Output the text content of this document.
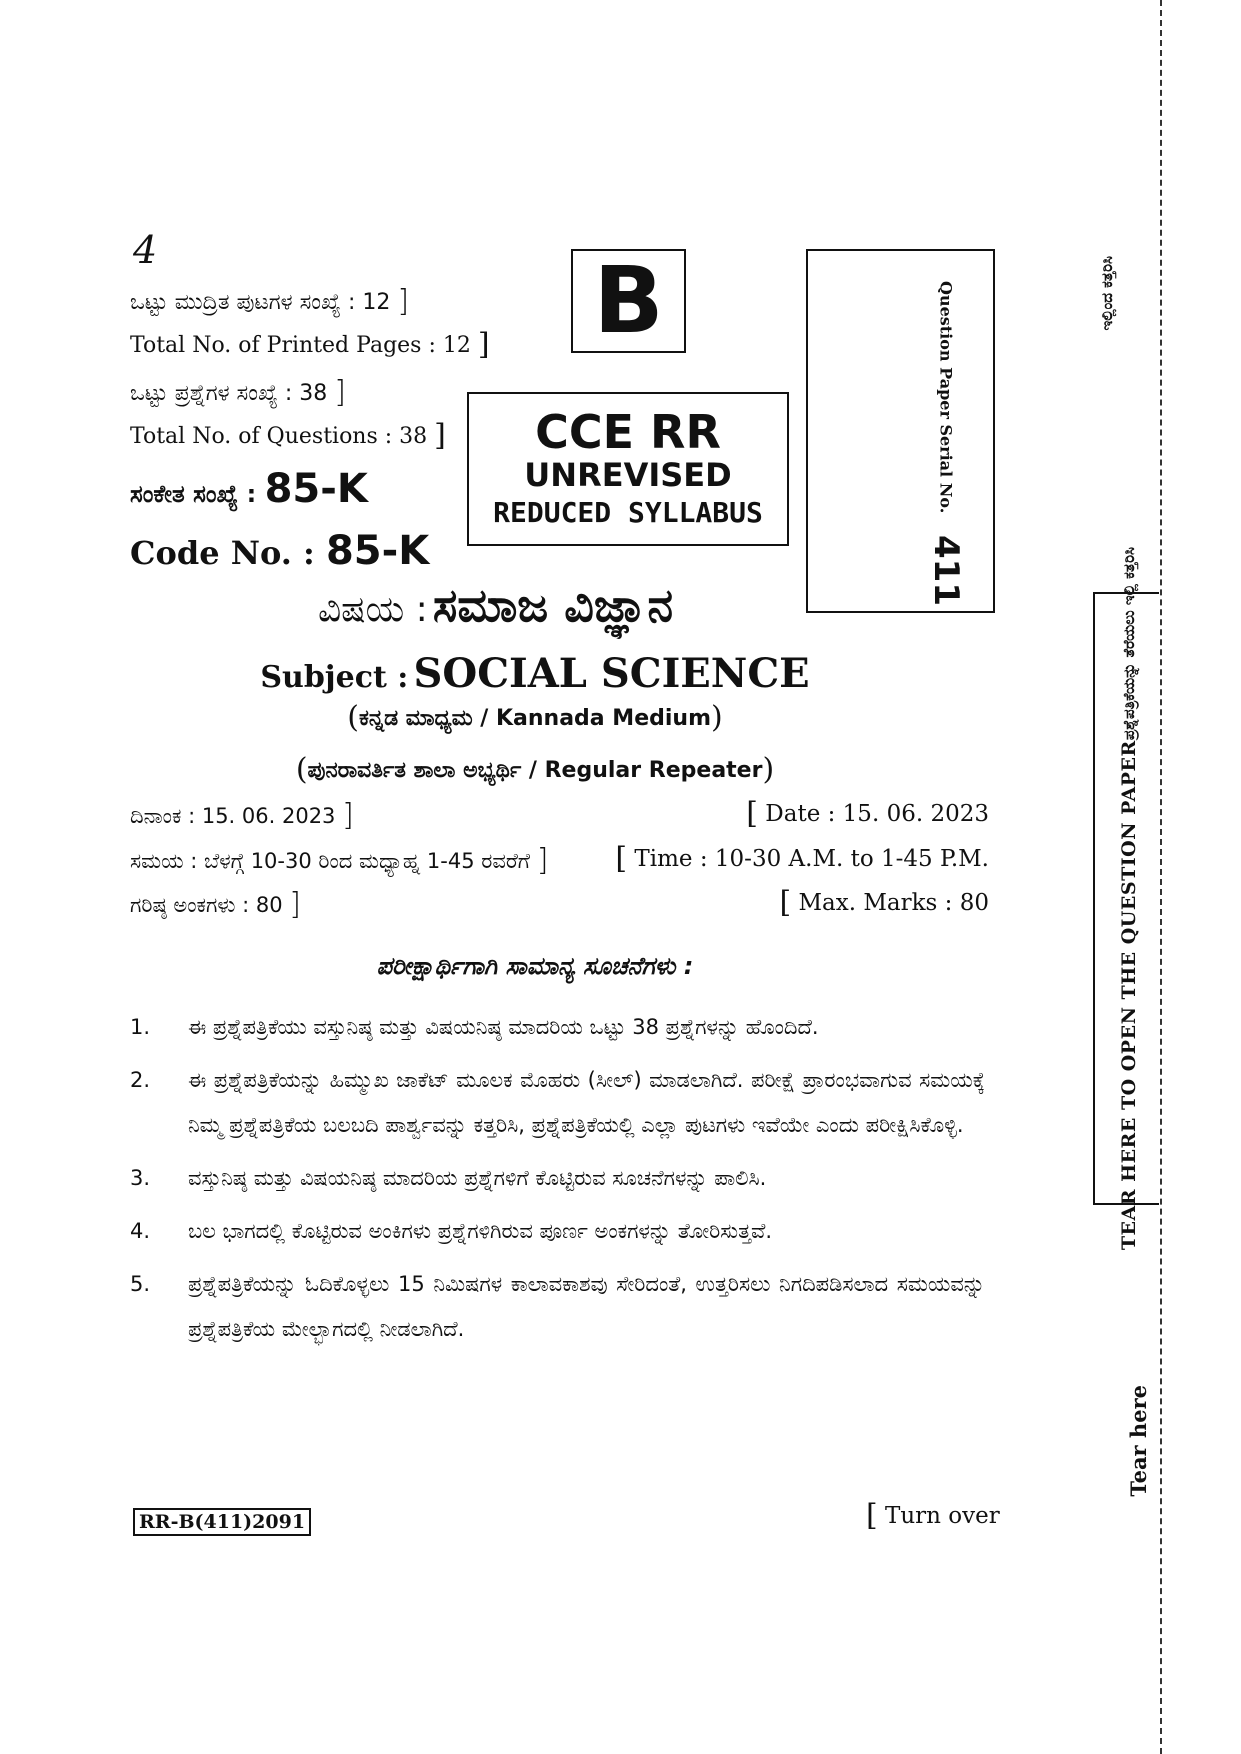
4
ಒಟ್ಟು ಮುದ್ರಿತ ಪುಟಗಳ ಸಂಖ್ಯೆ : 12 ]
Total No. of Printed Pages : 12 ]
ಒಟ್ಟು ಪ್ರಶ್ನೆಗಳ ಸಂಖ್ಯೆ : 38 ]
Total No. of Questions : 38 ]
ಸಂಕೇತ ಸಂಖ್ಯೆ : 85-K
Code No. : 85-K
B
CCE RR
UNREVISED
REDUCED SYLLABUS	Question Paper Serial No.
411
ವಿಷಯ : ಸಮಾಜ ವಿಜ್ಞಾನ
Subject : SOCIAL SCIENCE
(ಕನ್ನಡ ಮಾಧ್ಯಮ / Kannada Medium)
(ಪುನರಾವರ್ತಿತ ಶಾಲಾ ಅಭ್ಯರ್ಥಿ / Regular Repeater)
ದಿನಾಂಕ : 15. 06. 2023 ]	[ Date : 15. 06. 2023
ಸಮಯ : ಬೆಳಗ್ಗೆ 10-30 ರಿಂದ ಮಧ್ಯಾಹ್ನ 1-45 ರವರೆಗೆ ] [ Time : 10-30 A.M. to 1-45 P.M.
ಗರಿಷ್ಠ ಅಂಕಗಳು : 80 ]	[ Max. Marks : 80
ಪರೀಕ್ಷಾರ್ಥಿಗಾಗಿ ಸಾಮಾನ್ಯ ಸೂಚನೆಗಳು :
1. ಈ ಪ್ರಶ್ನೆಪತ್ರಿಕೆಯು ವಸ್ತುನಿಷ್ಠ ಮತ್ತು ವಿಷಯನಿಷ್ಠ ಮಾದರಿಯ ಒಟ್ಟು 38 ಪ್ರಶ್ನೆಗಳನ್ನು ಹೊಂದಿದೆ.
2. ಈ ಪ್ರಶ್ನೆಪತ್ರಿಕೆಯನ್ನು ಹಿಮ್ಮುಖ ಜಾಕೆಟ್ ಮೂಲಕ ಮೊಹರು (ಸೀಲ್) ಮಾಡಲಾಗಿದೆ. ಪರೀಕ್ಷೆ ಪ್ರಾರಂಭವಾಗುವ ಸಮಯಕ್ಕೆ ನಿಮ್ಮ ಪ್ರಶ್ನೆಪತ್ರಿಕೆಯ ಬಲಬದಿ ಪಾರ್ಶ್ವವನ್ನು ಕತ್ತರಿಸಿ, ಪ್ರಶ್ನೆಪತ್ರಿಕೆಯಲ್ಲಿ ಎಲ್ಲಾ ಪುಟಗಳು ಇವೆಯೇ ಎಂದು ಪರೀಕ್ಷಿಸಿಕೊಳ್ಳಿ.
3. ವಸ್ತುನಿಷ್ಠ ಮತ್ತು ವಿಷಯನಿಷ್ಠ ಮಾದರಿಯ ಪ್ರಶ್ನೆಗಳಿಗೆ ಕೊಟ್ಟಿರುವ ಸೂಚನೆಗಳನ್ನು ಪಾಲಿಸಿ.
4. ಬಲ ಭಾಗದಲ್ಲಿ ಕೊಟ್ಟಿರುವ ಅಂಕಿಗಳು ಪ್ರಶ್ನೆಗಳಿಗಿರುವ ಪೂರ್ಣ ಅಂಕಗಳನ್ನು ತೋರಿಸುತ್ತವೆ.
5. ಪ್ರಶ್ನೆಪತ್ರಿಕೆಯನ್ನು ಓದಿಕೊಳ್ಳಲು 15 ನಿಮಿಷಗಳ ಕಾಲಾವಕಾಶವು ಸೇರಿದಂತೆ, ಉತ್ತರಿಸಲು ನಿಗದಿಪಡಿಸಲಾದ ಸಮಯವನ್ನು ಪ್ರಶ್ನೆಪತ್ರಿಕೆಯ ಮೇಲ್ಭಾಗದಲ್ಲಿ ನೀಡಲಾಗಿದೆ.
RR-B(411)2091	[ Turn over
ಇಲ್ಲಿಂದ ಕತ್ತರಿಸಿ
TEAR HERE TO OPEN THE QUESTION PAPER
ಪ್ರಶ್ನೆಪತ್ರಿಕೆಯನ್ನು ತೆರೆಯಲು ಇಲ್ಲಿ ಕತ್ತರಿಸಿ
Tear here
